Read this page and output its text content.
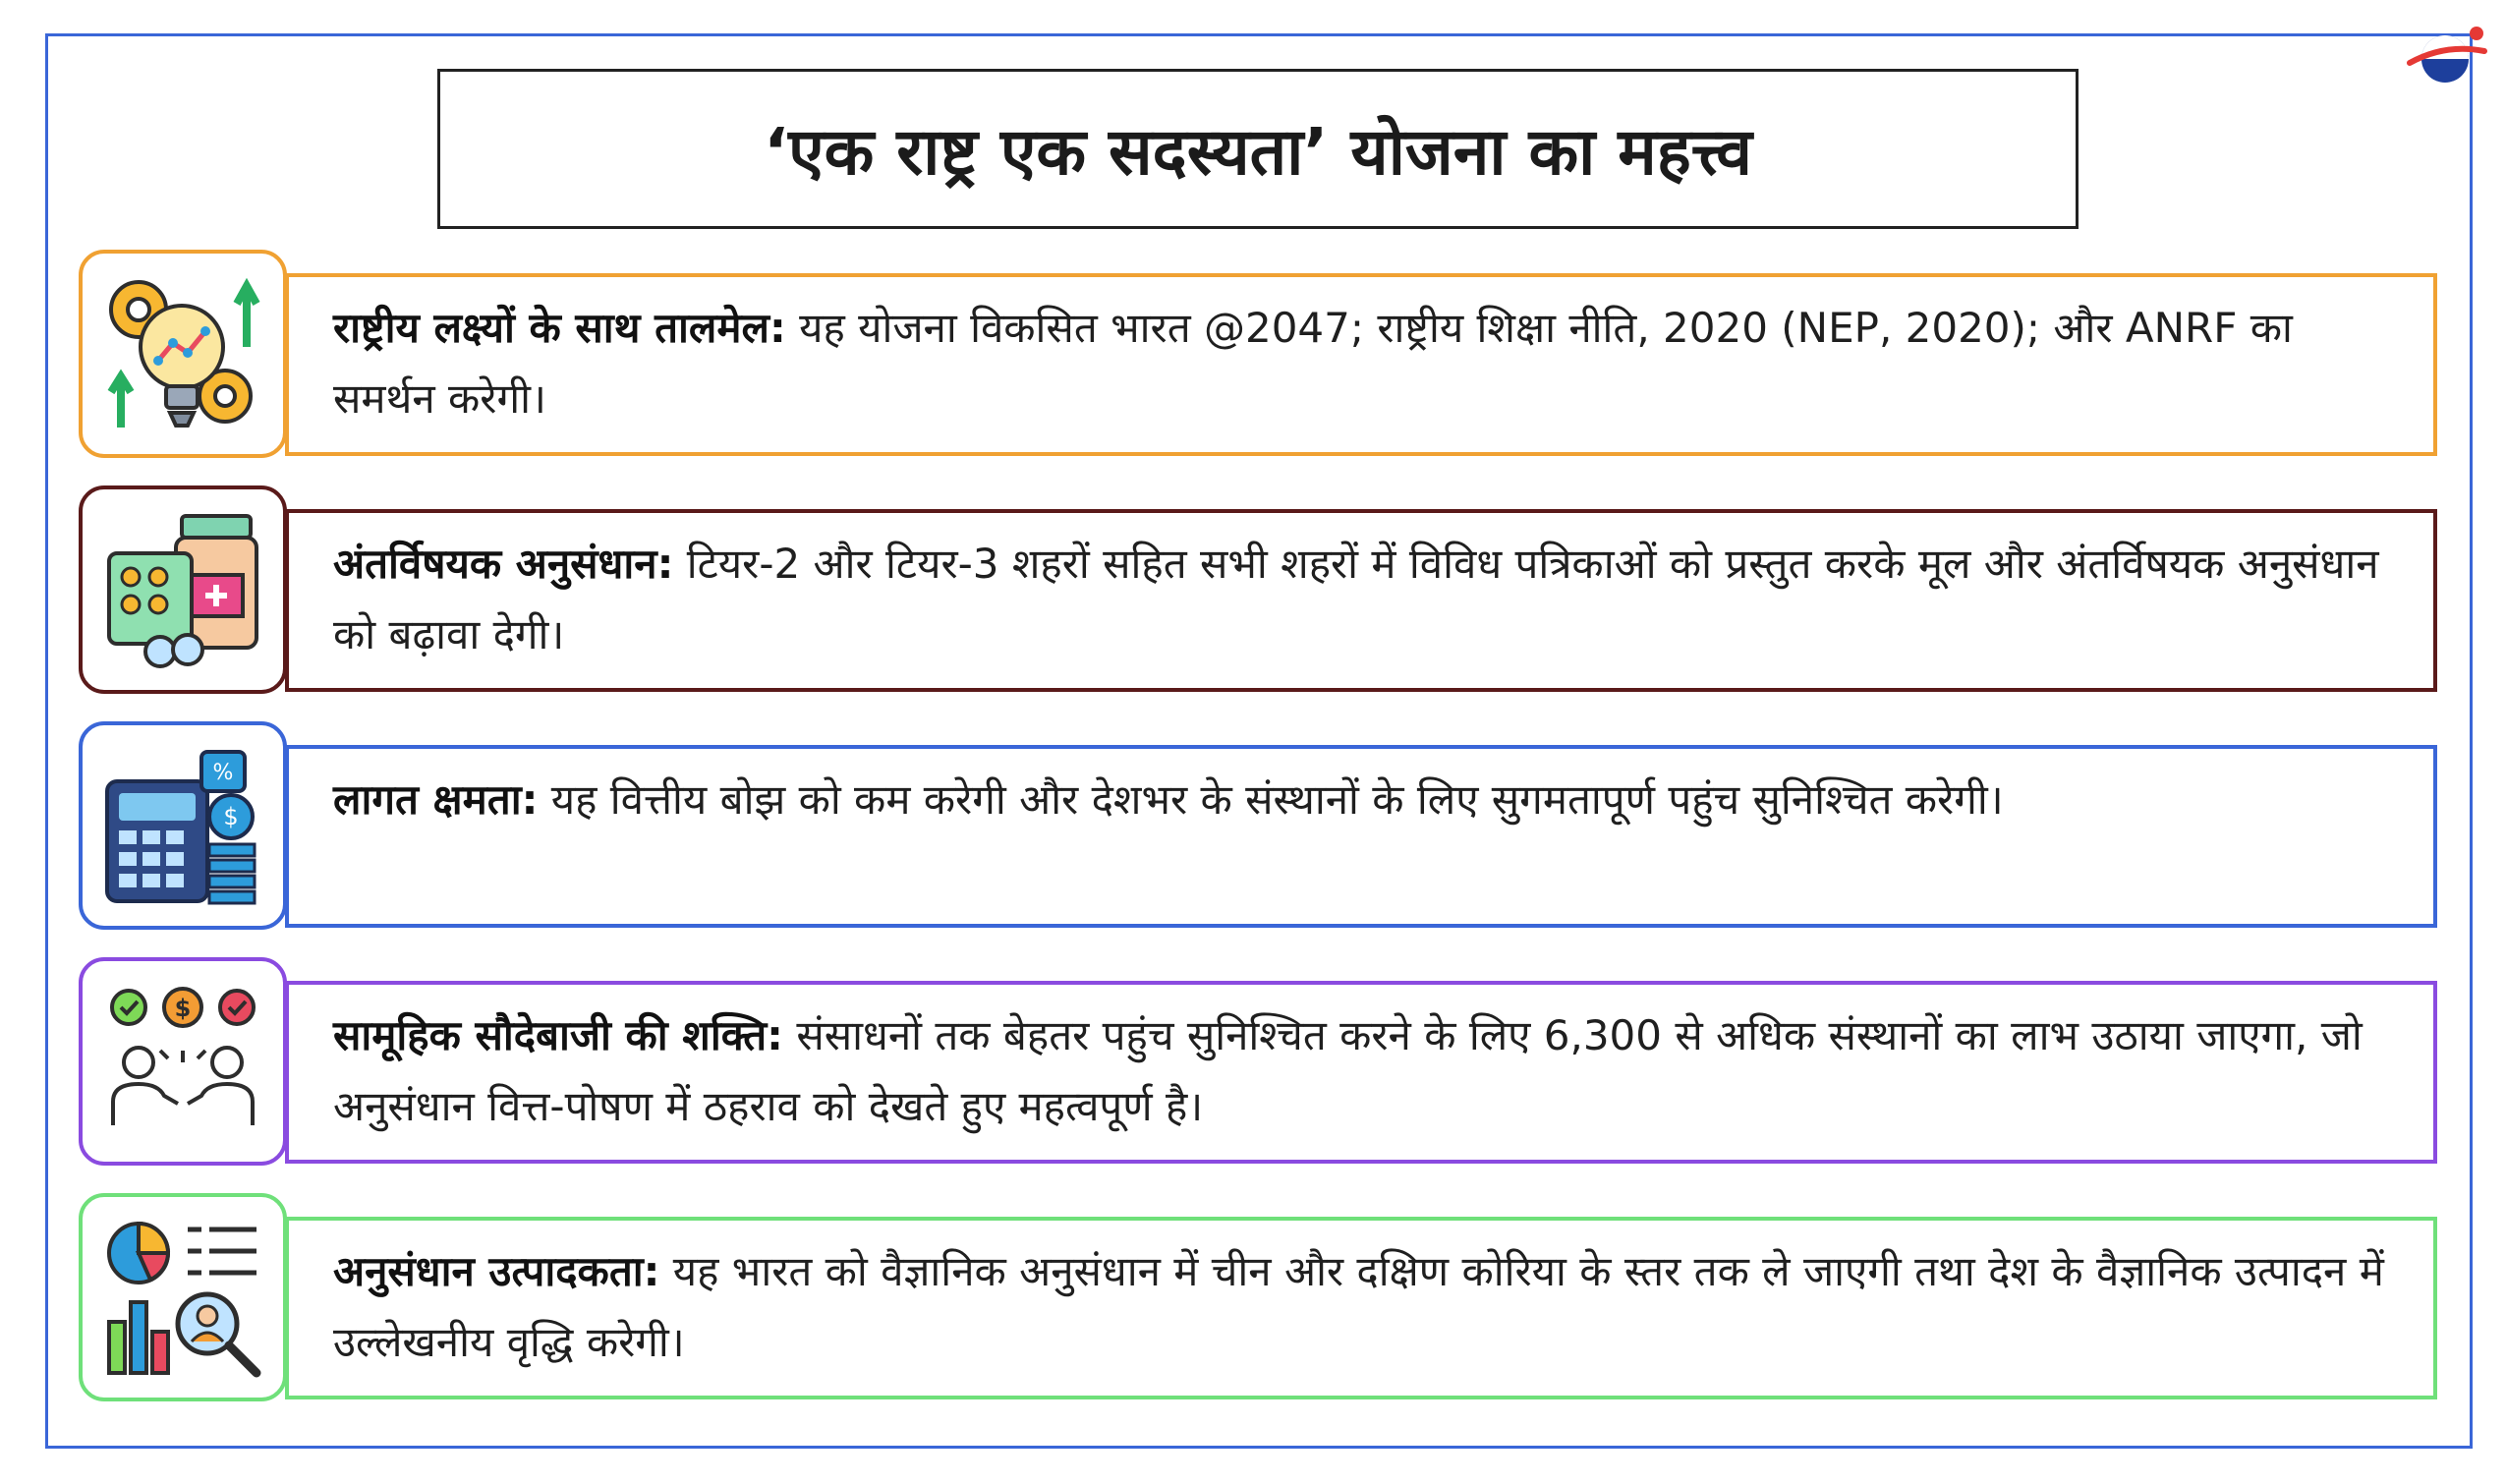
‘एक राष्ट्र एक सदस्यता’ योजना का महत्त्व
राष्ट्रीय लक्ष्यों के साथ तालमेल: यह योजना विकसित भारत @2047; राष्ट्रीय शिक्षा नीति, 2020 (NEP, 2020); और ANRF का समर्थन करेगी।
अंतर्विषयक अनुसंधान: टियर-2 और टियर-3 शहरों सहित सभी शहरों में विविध पत्रिकाओं को प्रस्तुत करके मूल और अंतर्विषयक अनुसंधान को बढ़ावा देगी।
लागत क्षमता: यह वित्तीय बोझ को कम करेगी और देशभर के संस्थानों के लिए सुगमतापूर्ण पहुंच सुनिश्चित करेगी।
%
$
सामूहिक सौदेबाजी की शक्ति: संसाधनों तक बेहतर पहुंच सुनिश्चित करने के लिए 6,300 से अधिक संस्थानों का लाभ उठाया जाएगा, जो अनुसंधान वित्त-पोषण में ठहराव को देखते हुए महत्वपूर्ण है।
$
अनुसंधान उत्पादकता: यह भारत को वैज्ञानिक अनुसंधान में चीन और दक्षिण कोरिया के स्तर तक ले जाएगी तथा देश के वैज्ञानिक उत्पादन में उल्लेखनीय वृद्धि करेगी।
